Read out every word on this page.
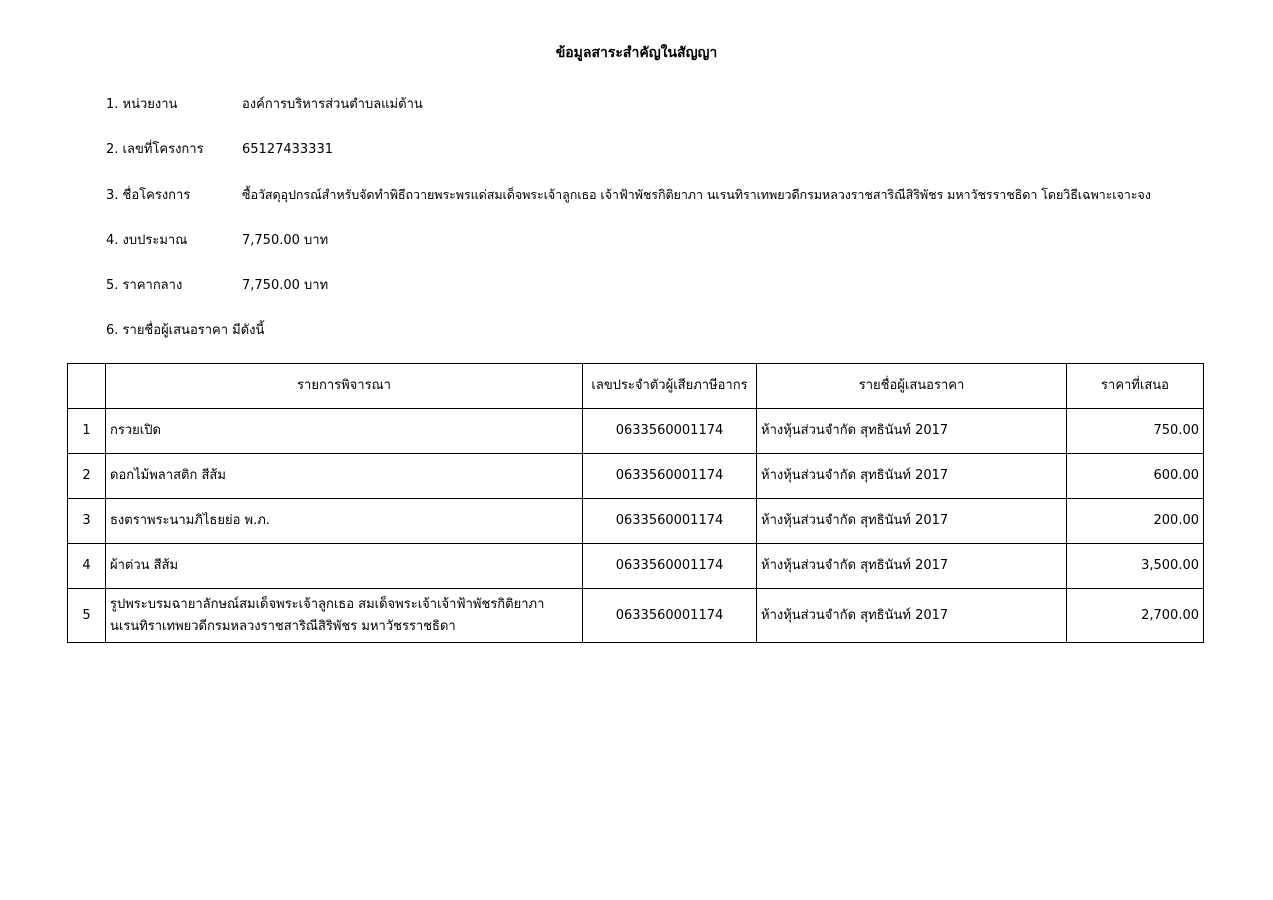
ข้อมูลสาระสำคัญในสัญญา
1. หน่วยงาน	องค์การบริหารส่วนตำบลแม่ต้าน
2. เลขที่โครงการ	65127433331
3. ชื่อโครงการ	ซื้อวัสดุอุปกรณ์สำหรับจัดทำพิธีถวายพระพรแด่สมเด็จพระเจ้าลูกเธอ เจ้าฟ้าพัชรกิติยาภา นเรนทิราเทพยวดีกรมหลวงราชสาริณีสิริพัชร มหาวัชรราชธิดา โดยวิธีเฉพาะเจาะจง
4. งบประมาณ	7,750.00 บาท
5. ราคากลาง	7,750.00 บาท
6. รายชื่อผู้เสนอราคา มีดังนี้
	รายการพิจารณา	เลขประจำตัวผู้เสียภาษีอากร	รายชื่อผู้เสนอราคา	ราคาที่เสนอ
1	กรวยเปิด	0633560001174	ห้างหุ้นส่วนจำกัด สุทธินันท์ 2017	750.00
2	ดอกไม้พลาสติก สีส้ม	0633560001174	ห้างหุ้นส่วนจำกัด สุทธินันท์ 2017	600.00
3	ธงตราพระนามภิไธยย่อ พ.ภ.	0633560001174	ห้างหุ้นส่วนจำกัด สุทธินันท์ 2017	200.00
4	ผ้าต่วน สีส้ม	0633560001174	ห้างหุ้นส่วนจำกัด สุทธินันท์ 2017	3,500.00
5	รูปพระบรมฉายาลักษณ์สมเด็จพระเจ้าลูกเธอ สมเด็จพระเจ้าเจ้าฟ้าพัชรกิติยาภา
นเรนทิราเทพยวดีกรมหลวงราชสาริณีสิริพัชร มหาวัชรราชธิดา	0633560001174	ห้างหุ้นส่วนจำกัด สุทธินันท์ 2017	2,700.00
